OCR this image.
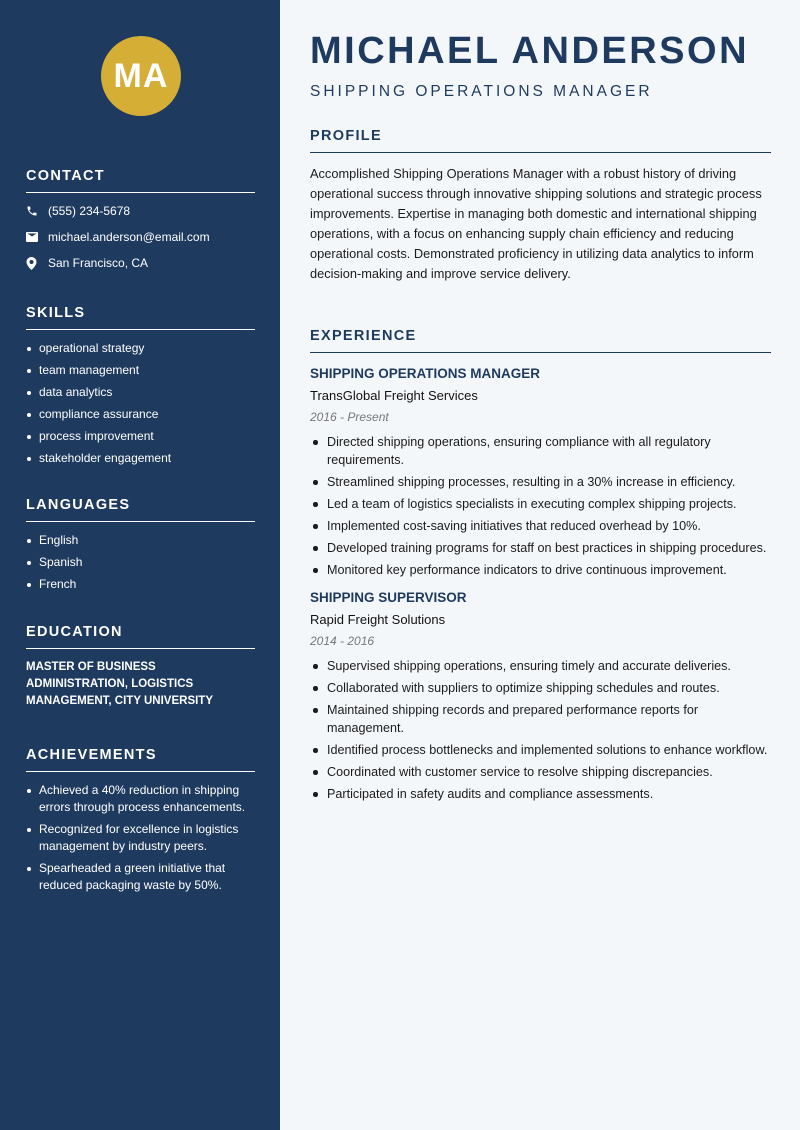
MA
CONTACT
(555) 234-5678
michael.anderson@email.com
San Francisco, CA
SKILLS
operational strategy
team management
data analytics
compliance assurance
process improvement
stakeholder engagement
LANGUAGES
English
Spanish
French
EDUCATION
MASTER OF BUSINESS ADMINISTRATION, LOGISTICS MANAGEMENT, CITY UNIVERSITY
ACHIEVEMENTS
Achieved a 40% reduction in shipping errors through process enhancements.
Recognized for excellence in logistics management by industry peers.
Spearheaded a green initiative that reduced packaging waste by 50%.
MICHAEL ANDERSON
SHIPPING OPERATIONS MANAGER
PROFILE
Accomplished Shipping Operations Manager with a robust history of driving operational success through innovative shipping solutions and strategic process improvements. Expertise in managing both domestic and international shipping operations, with a focus on enhancing supply chain efficiency and reducing operational costs. Demonstrated proficiency in utilizing data analytics to inform decision-making and improve service delivery.
EXPERIENCE
SHIPPING OPERATIONS MANAGER
TransGlobal Freight Services
2016 - Present
Directed shipping operations, ensuring compliance with all regulatory requirements.
Streamlined shipping processes, resulting in a 30% increase in efficiency.
Led a team of logistics specialists in executing complex shipping projects.
Implemented cost-saving initiatives that reduced overhead by 10%.
Developed training programs for staff on best practices in shipping procedures.
Monitored key performance indicators to drive continuous improvement.
SHIPPING SUPERVISOR
Rapid Freight Solutions
2014 - 2016
Supervised shipping operations, ensuring timely and accurate deliveries.
Collaborated with suppliers to optimize shipping schedules and routes.
Maintained shipping records and prepared performance reports for management.
Identified process bottlenecks and implemented solutions to enhance workflow.
Coordinated with customer service to resolve shipping discrepancies.
Participated in safety audits and compliance assessments.
